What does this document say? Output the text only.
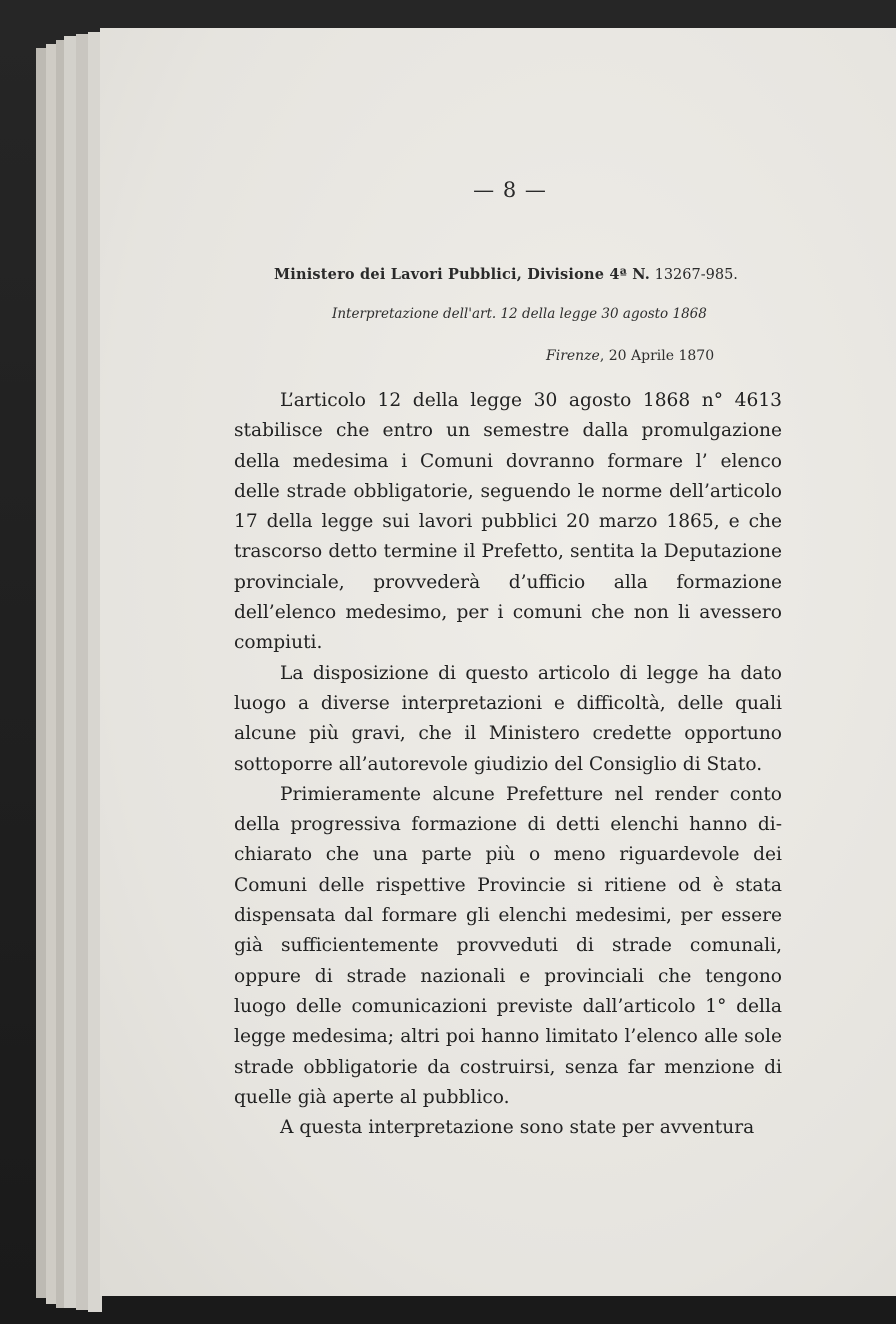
— 8 —
Ministero dei Lavori Pubblici, Divisione 4ª N. 13267-985.
Interpretazione dell'art. 12 della legge 30 agosto 1868
Firenze, 20 Aprile 1870

L’articolo 12 della legge 30 agosto 1868 n° 4613 stabilisce che entro un semestre dalla promulgazione della medesima i Comuni dovranno formare l’ elenco delle strade obbligatorie, seguendo le norme dell’articolo 17 della legge sui lavori pubblici 20 marzo 1865, e che trascorso detto termine il Prefetto, sentita la Deputazione provinciale, provvederà d’ufficio alla formazione dell’elenco medesimo, per i comuni che non li avessero compiuti.

La disposizione di questo articolo di legge ha dato luogo a diverse interpretazioni e difficoltà, delle quali alcune più gravi, che il Ministero credette opportuno sottoporre all’autorevole giudizio del Consiglio di Stato.

Primieramente alcune Prefetture nel render conto della progressiva formazione di detti elenchi hanno dichiarato che una parte più o meno riguardevole dei Comuni delle rispettive Provincie si ritiene od è stata dispensata dal formare gli elenchi medesimi, per essere già sufficientemente provveduti di strade comunali, oppure di strade nazionali e provinciali che tengono luogo delle comunicazioni previste dall’articolo 1° della legge medesima; altri poi hanno limitato l’elenco alle sole strade obbligatorie da costruirsi, senza far menzione di quelle già aperte al pubblico.

A questa interpretazione sono state per avventura
